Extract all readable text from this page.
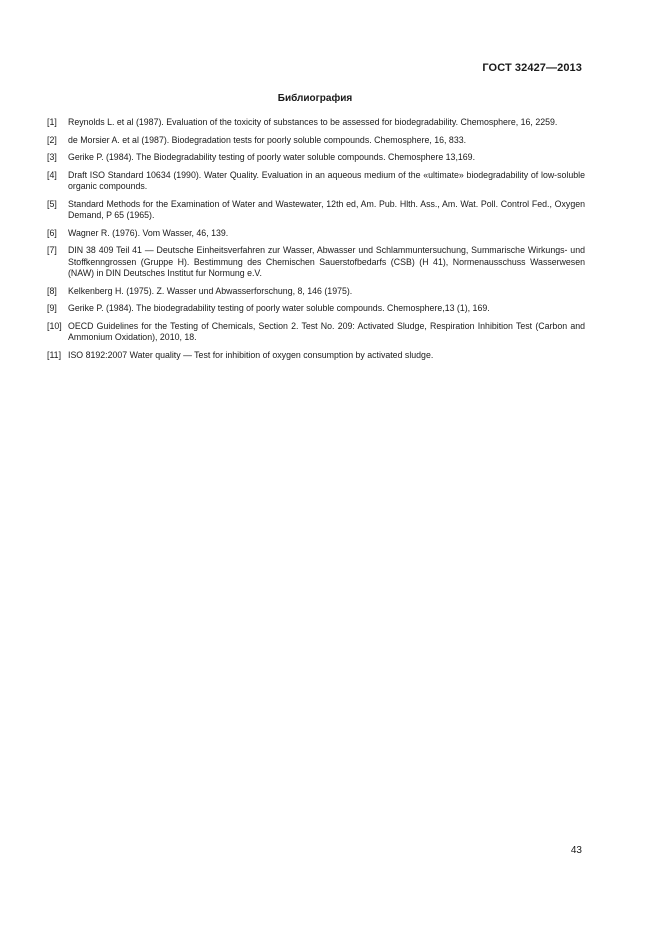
ГОСТ 32427—2013
Библиография
[1]	Reynolds L. et al (1987). Evaluation of the toxicity of substances to be assessed for biodegradability. Chemosphere, 16, 2259.
[2]	de Morsier A. et al (1987). Biodegradation tests for poorly soluble compounds. Chemosphere, 16, 833.
[3]	Gerike P. (1984). The Biodegradability testing of poorly water soluble compounds. Chemosphere 13,169.
[4]	Draft ISO Standard 10634 (1990). Water Quality. Evaluation in an aqueous medium of the «ultimate» biodegradability of low-soluble organic compounds.
[5]	Standard Methods for the Examination of Water and Wastewater, 12th ed, Am. Pub. Hlth. Ass., Am. Wat. Poll. Control Fed., Oxygen Demand, P 65 (1965).
[6]	Wagner R. (1976). Vom Wasser, 46, 139.
[7]	DIN 38 409 Teil 41 — Deutsche Einheitsverfahren zur Wasser, Abwasser und Schlammuntersuchung, Summarische Wirkungs- und Stoffkenngrossen (Gruppe H). Bestimmung des Chemischen Sauerstofbedarfs (CSB) (H 41), Normenausschuss Wasserwesen (NAW) in DIN Deutsches Institut fur Normung e.V.
[8]	Kelkenberg H. (1975). Z. Wasser und Abwasserforschung, 8, 146 (1975).
[9]	Gerike P. (1984). The biodegradability testing of poorly water soluble compounds. Chemosphere,13 (1), 169.
[10] OECD Guidelines for the Testing of Chemicals, Section 2. Test No. 209: Activated Sludge, Respiration Inhibition Test (Carbon and Ammonium Oxidation), 2010, 18.
[11] ISO 8192:2007 Water quality — Test for inhibition of oxygen consumption by activated sludge.
43
